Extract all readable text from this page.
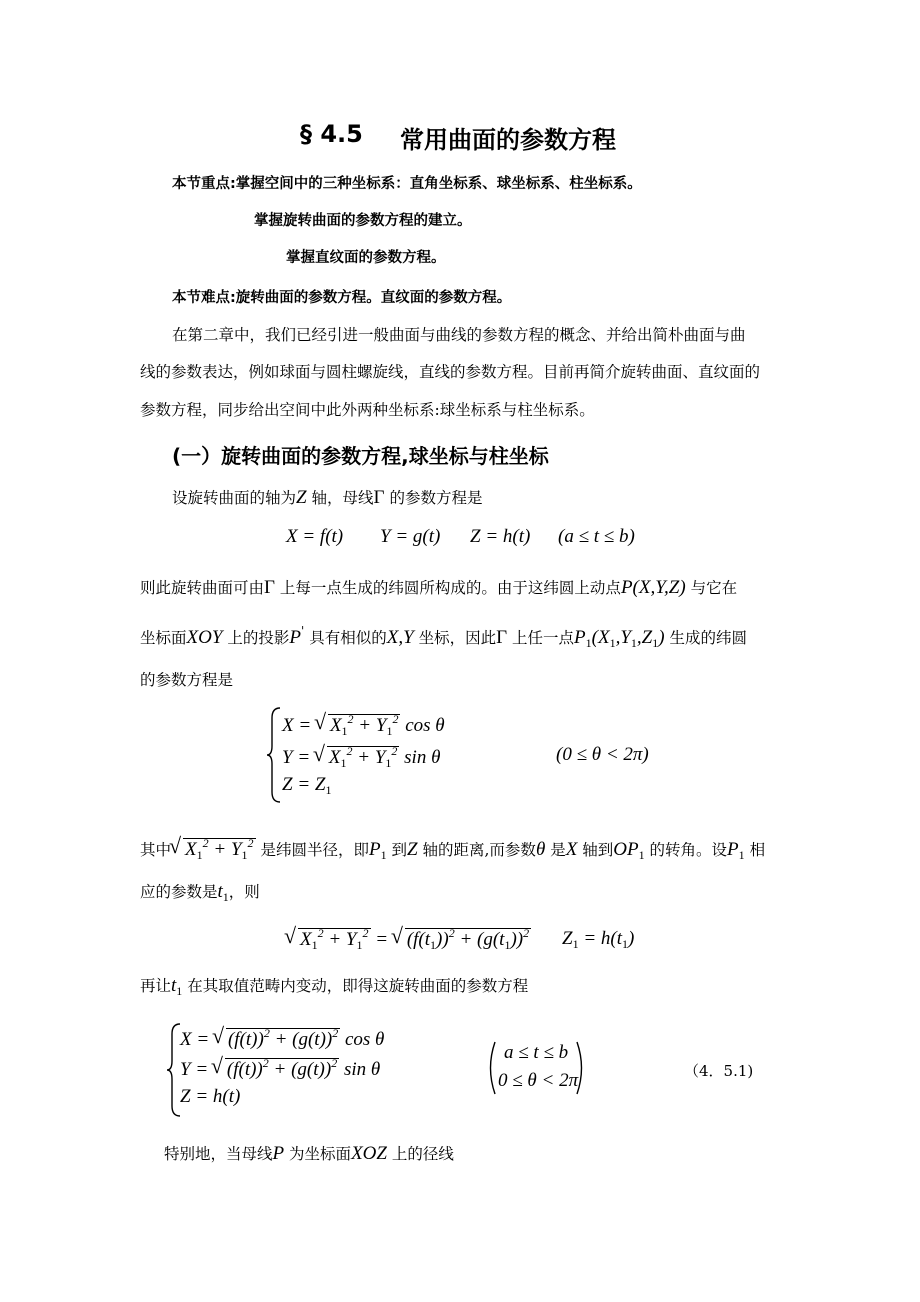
§ 4.5 常用曲面的参数方程
本节重点:掌握空间中的三种坐标系：直角坐标系、球坐标系、柱坐标系。
掌握旋转曲面的参数方程的建立。
掌握直纹面的参数方程。
本节难点:旋转曲面的参数方程。直纹面的参数方程。
在第二章中，我们已经引进一般曲面与曲线的参数方程的概念、并给出简朴曲面与曲
线的参数表达，例如球面与圆柱螺旋线，直线的参数方程。目前再简介旋转曲面、直纹面的
参数方程，同步给出空间中此外两种坐标系:球坐标系与柱坐标系。
(一）旋转曲面的参数方程,球坐标与柱坐标
设旋转曲面的轴为Z 轴，母线Γ 的参数方程是
X = f(t) Y = g(t) Z = h(t) (a ≤ t ≤ b)
则此旋转曲面可由Γ 上每一点生成的纬圆所构成的。由于这纬圆上动点P(X,Y,Z) 与它在
坐标面XOY 上的投影P' 具有相似的X,Y 坐标，因此Γ 上任一点$P_1(X_1,Y_1,Z_1)$ 生成的纬圆
的参数方程是
X = √ $X_1^2 + Y_1^2$ cos θ
Y = √ $X_1^2 + Y_1^2$ sin θ
$Z = Z_1$
(0 ≤ θ < 2π)
其中√ $X_1^2 + Y_1^2$ 是纬圆半径，即$P_1$ 到Z 轴的距离,而参数θ 是X 轴到$OP_1$ 的转角。设$P_1$ 相
应的参数是$t_1$，则
√ $X_1^2 + Y_1^2$ = √ $(f(t_1))^2 + (g(t_1))^2$ $Z_1 = h(t_1)$
再让$t_1$ 在其取值范畴内变动，即得这旋转曲面的参数方程
X = √ $(f(t))^2 + (g(t))^2$ cos θ
Y = √ $(f(t))^2 + (g(t))^2$ sin θ
Z = h(t)
a ≤ t ≤ b
0 ≤ θ < 2π	（4．5.1)
特别地，当母线P 为坐标面XOZ 上的径线
